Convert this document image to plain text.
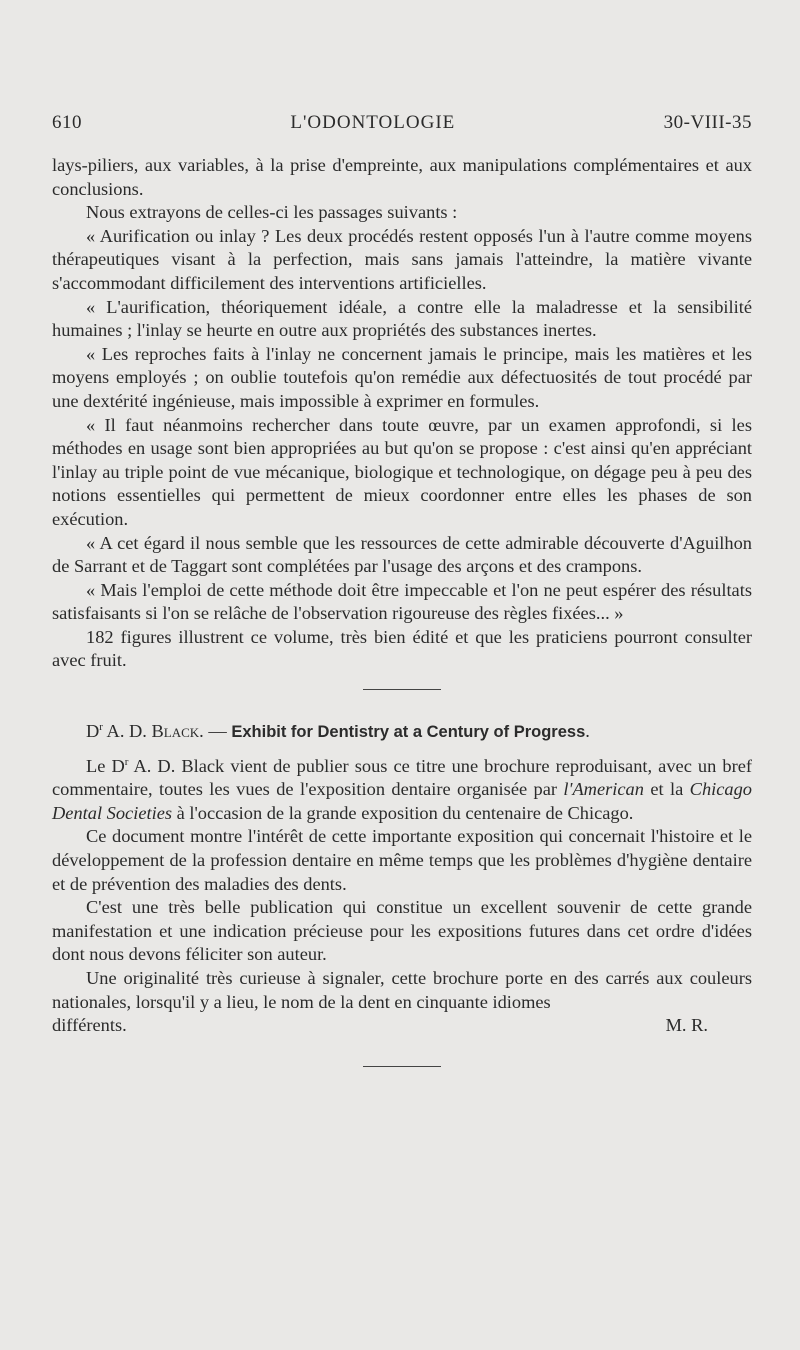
610	L'ODONTOLOGIE	30-VIII-35

lays-piliers, aux variables, à la prise d'empreinte, aux manipulations complémentaires et aux conclusions.

Nous extrayons de celles-ci les passages suivants :

« Aurification ou inlay ? Les deux procédés restent opposés l'un à l'autre comme moyens thérapeutiques visant à la perfection, mais sans jamais l'atteindre, la matière vivante s'accommodant difficilement des interventions artificielles.

« L'aurification, théoriquement idéale, a contre elle la maladresse et la sensibilité humaines ; l'inlay se heurte en outre aux propriétés des substances inertes.

« Les reproches faits à l'inlay ne concernent jamais le principe, mais les matières et les moyens employés ; on oublie toutefois qu'on remédie aux défectuosités de tout procédé par une dextérité ingénieuse, mais impossible à exprimer en formules.

« Il faut néanmoins rechercher dans toute œuvre, par un examen approfondi, si les méthodes en usage sont bien appropriées au but qu'on se propose : c'est ainsi qu'en appréciant l'inlay au triple point de vue mécanique, biologique et technologique, on dégage peu à peu des notions essentielles qui permettent de mieux coordonner entre elles les phases de son exécution.

« A cet égard il nous semble que les ressources de cette admirable découverte d'Aguilhon de Sarrant et de Taggart sont complétées par l'usage des arçons et des crampons.

« Mais l'emploi de cette méthode doit être impeccable et l'on ne peut espérer des résultats satisfaisants si l'on se relâche de l'observation rigoureuse des règles fixées... »

182 figures illustrent ce volume, très bien édité et que les praticiens pourront consulter avec fruit.

$D^r$ A. D. Black. — Exhibit for Dentistry at a Century of Progress.

Le $D^r$ A. D. Black vient de publier sous ce titre une brochure reproduisant, avec un bref commentaire, toutes les vues de l'exposition dentaire organisée par l'American et la Chicago Dental Societies à l'occasion de la grande exposition du centenaire de Chicago.

Ce document montre l'intérêt de cette importante exposition qui concernait l'histoire et le développement de la profession dentaire en même temps que les problèmes d'hygiène dentaire et de prévention des maladies des dents.

C'est une très belle publication qui constitue un excellent souvenir de cette grande manifestation et une indication précieuse pour les expositions futures dans cet ordre d'idées dont nous devons féliciter son auteur.

Une originalité très curieuse à signaler, cette brochure porte en des carrés aux couleurs nationales, lorsqu'il y a lieu, le nom de la dent en cinquante idiomes

différents.	M. R.
